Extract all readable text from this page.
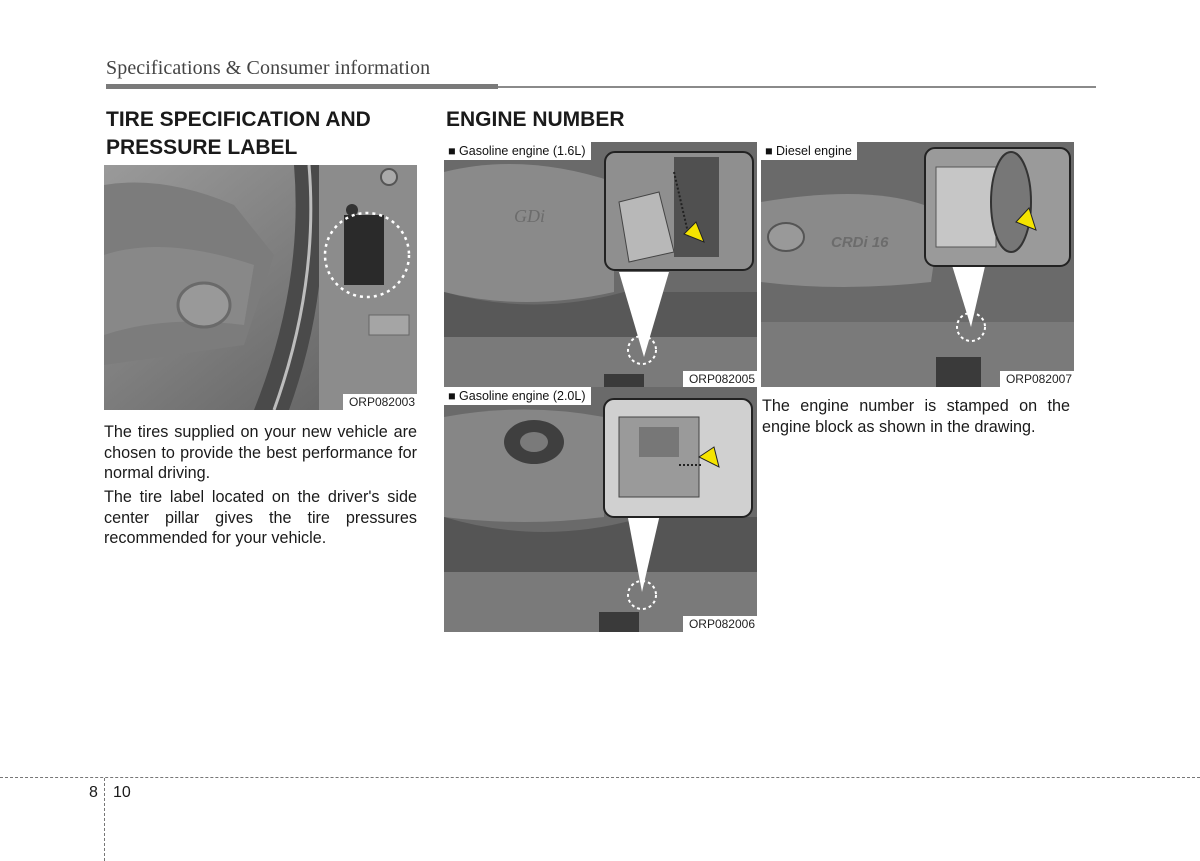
Specifications & Consumer information
TIRE SPECIFICATION AND
PRESSURE LABEL
ORP082003

The tires supplied on your new vehicle are chosen to provide the best performance for normal driving.

The tire label located on the driver's side center pillar gives the tire pressures recommended for your vehicle.

ENGINE NUMBER
GDi
■ Gasoline engine (1.6L)
ORP082005
CRDi 16
■ Diesel engine
ORP082007
■ Gasoline engine (2.0L)
ORP082006

The engine number is stamped on the engine block as shown in the drawing.

8 10
